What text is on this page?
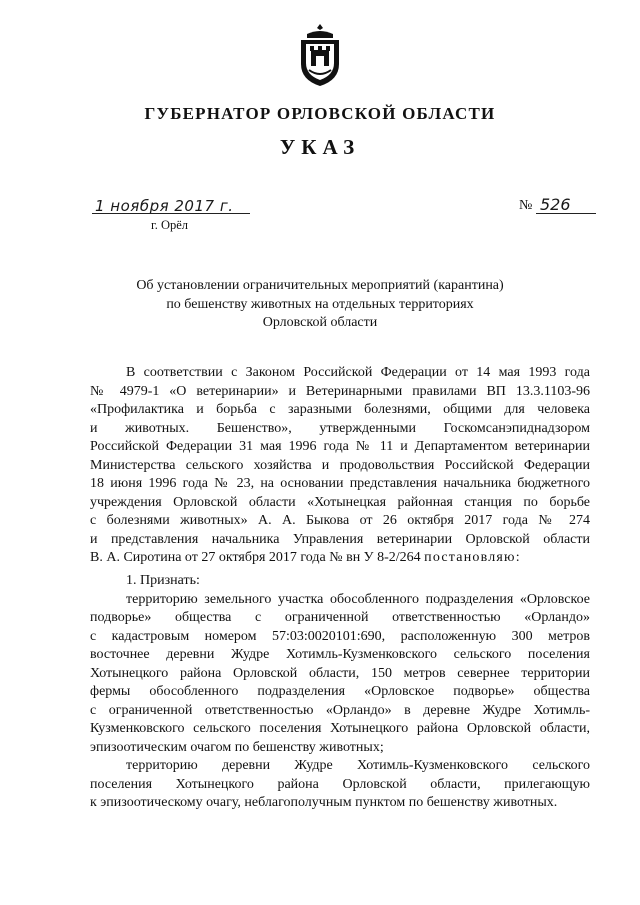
ГУБЕРНАТОР ОРЛОВСКОЙ ОБЛАСТИ
УКАЗ
1 ноября 2017 г.
г. Орёл
№ 526
Об установлении ограничительных мероприятий (карантина)
по бешенству животных на отдельных территориях
Орловской области
В соответствии с Законом Российской Федерации от 14 мая 1993 года
№ 4979-1 «О ветеринарии» и Ветеринарными правилами ВП 13.3.1103-96
«Профилактика и борьба с заразными болезнями, общими для человека
и животных. Бешенство», утвержденными Госкомсанэпиднадзором
Российской Федерации 31 мая 1996 года № 11 и Департаментом ветеринарии
Министерства сельского хозяйства и продовольствия Российской Федерации
18 июня 1996 года № 23, на основании представления начальника бюджетного
учреждения Орловской области «Хотынецкая районная станция по борьбе
с болезнями животных» А. А. Быкова от 26 октября 2017 года № 274
и представления начальника Управления ветеринарии Орловской области
В. А. Сиротина от 27 октября 2017 года № вн У 8-2/264 постановляю:
1. Признать:
территорию земельного участка обособленного подразделения «Орловское
подворье» общества с ограниченной ответственностью «Орландо»
с кадастровым номером 57:03:0020101:690, расположенную 300 метров
восточнее деревни Жудре Хотимль-Кузменковского сельского поселения
Хотынецкого района Орловской области, 150 метров севернее территории
фермы обособленного подразделения «Орловское подворье» общества
с ограниченной ответственностью «Орландо» в деревне Жудре Хотимль-
Кузменковского сельского поселения Хотынецкого района Орловской области,
эпизоотическим очагом по бешенству животных;
территорию деревни Жудре Хотимль-Кузменковского сельского
поселения Хотынецкого района Орловской области, прилегающую
к эпизоотическому очагу, неблагополучным пунктом по бешенству животных.
